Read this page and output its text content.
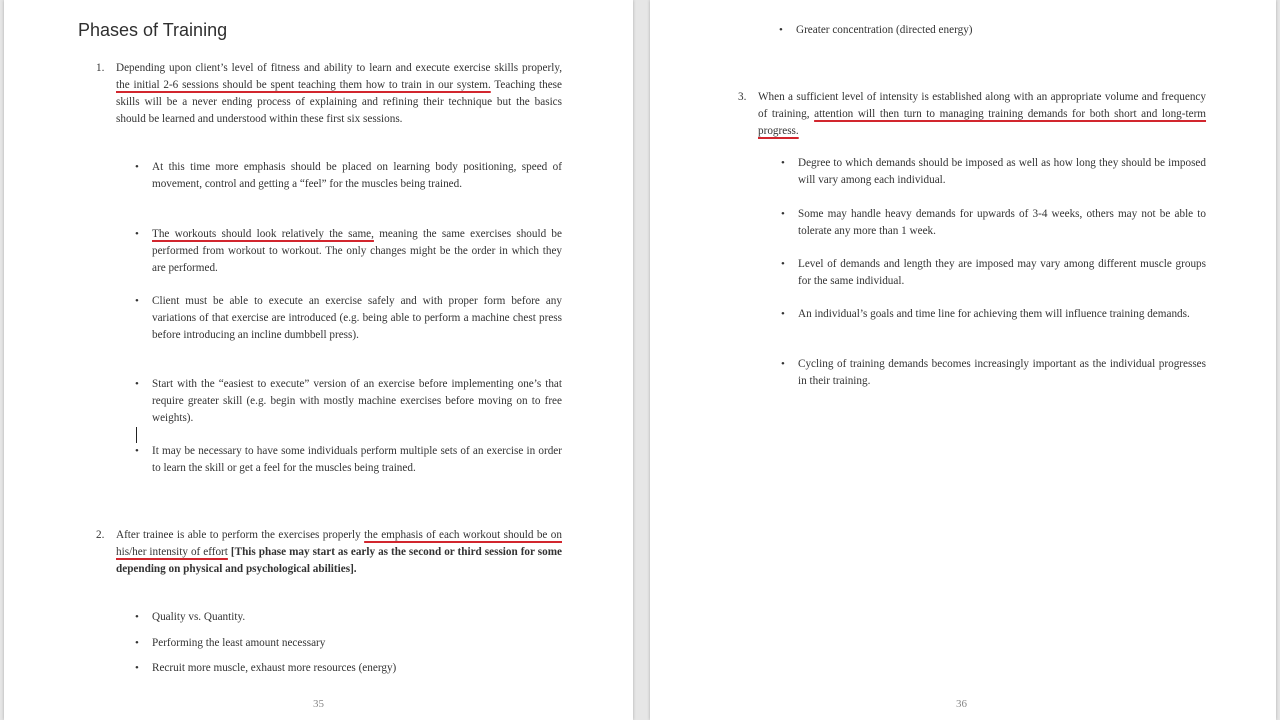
Phases of Training
1. Depending upon client’s level of fitness and ability to learn and execute exercise skills properly, the initial 2-6 sessions should be spent teaching them how to train in our system. Teaching these skills will be a never ending process of explaining and refining their technique but the basics should be learned and understood within these first six sessions.
• At this time more emphasis should be placed on learning body positioning, speed of movement, control and getting a “feel” for the muscles being trained.
• The workouts should look relatively the same, meaning the same exercises should be performed from workout to workout. The only changes might be the order in which they are performed.
• Client must be able to execute an exercise safely and with proper form before any variations of that exercise are introduced (e.g. being able to perform a machine chest press before introducing an incline dumbbell press).
• Start with the “easiest to execute” version of an exercise before implementing one’s that require greater skill (e.g. begin with mostly machine exercises before moving on to free weights).
• It may be necessary to have some individuals perform multiple sets of an exercise in order to learn the skill or get a feel for the muscles being trained.
2. After trainee is able to perform the exercises properly the emphasis of each workout should be on his/her intensity of effort [This phase may start as early as the second or third session for some depending on physical and psychological abilities].
• Quality vs. Quantity.
• Performing the least amount necessary
• Recruit more muscle, exhaust more resources (energy)
35
• Greater concentration (directed energy)
3. When a sufficient level of intensity is established along with an appropriate volume and frequency of training, attention will then turn to managing training demands for both short and long-term progress.
• Degree to which demands should be imposed as well as how long they should be imposed will vary among each individual.
• Some may handle heavy demands for upwards of 3-4 weeks, others may not be able to tolerate any more than 1 week.
• Level of demands and length they are imposed may vary among different muscle groups for the same individual.
• An individual’s goals and time line for achieving them will influence training demands.
• Cycling of training demands becomes increasingly important as the individual progresses in their training.
36
